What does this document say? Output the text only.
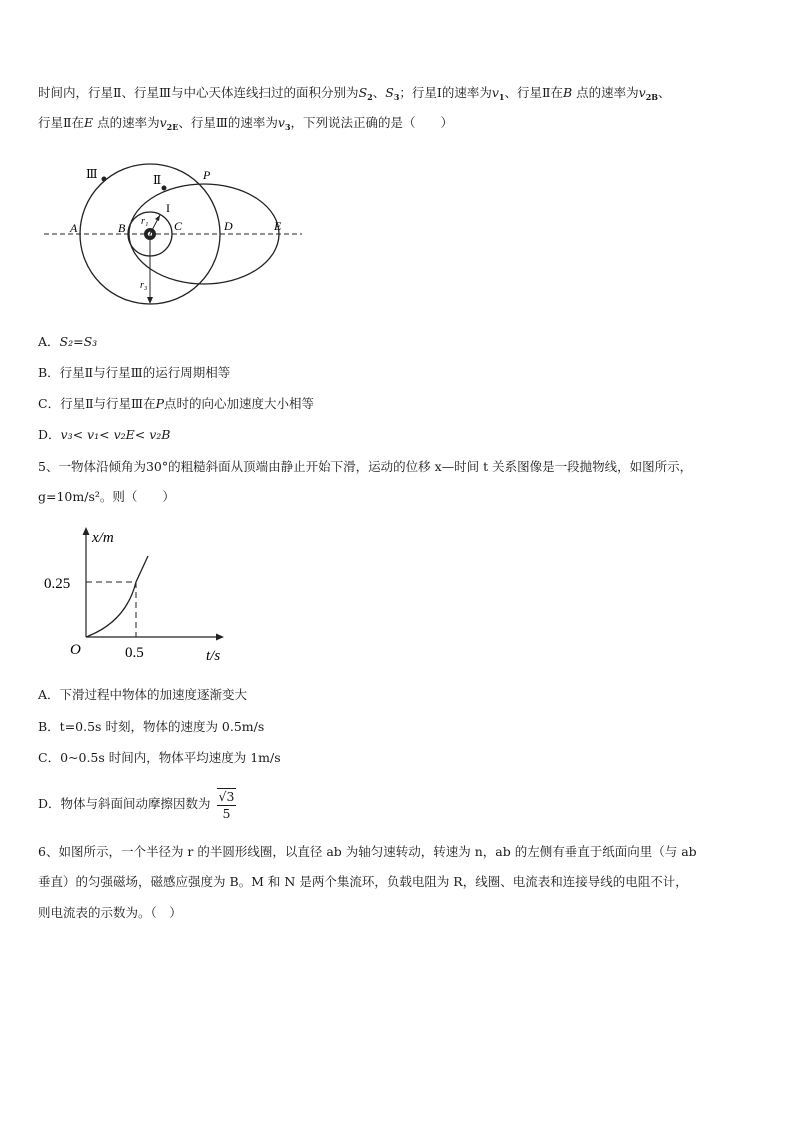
时间内，行星Ⅱ、行星Ⅲ与中心天体连线扫过的面积分别为$S_2$、$S_3$；行星Ⅰ的速率为$v_1$、行星Ⅱ在B 点的速率为$v_{2B}$、
行星Ⅱ在E 点的速率为$v_{2E}$、行星Ⅲ的速率为$v_3$，下列说法正确的是（　　）
Ⅲ	Ⅱ	P
I
r₁
A	B	C	D	E
r₃
A．S₂=S₃
B．行星Ⅱ与行星Ⅲ的运行周期相等
C．行星Ⅱ与行星Ⅲ在P点时的向心加速度大小相等
D．v₃< v₁< v₂E< v₂B
5、一物体沿倾角为30°的粗糙斜面从顶端由静止开始下滑，运动的位移 x—时间 t 关系图像是一段抛物线，如图所示，
g=10m/s²。则（　　）
x/m
t/s
O
0.25
0.5
A．下滑过程中物体的加速度逐渐变大
B．t=0.5s 时刻，物体的速度为 0.5m/s
C．0~0.5s 时间内，物体平均速度为 1m/s
D．物体与斜面间动摩擦因数为 $\frac{√3}{5}$
6、如图所示，一个半径为 r 的半圆形线圈，以直径 ab 为轴匀速转动，转速为 n，ab 的左侧有垂直于纸面向里（与 ab
垂直）的匀强磁场，磁感应强度为 B。M 和 N 是两个集流环，负载电阻为 R，线圈、电流表和连接导线的电阻不计，
则电流表的示数为。（　）
